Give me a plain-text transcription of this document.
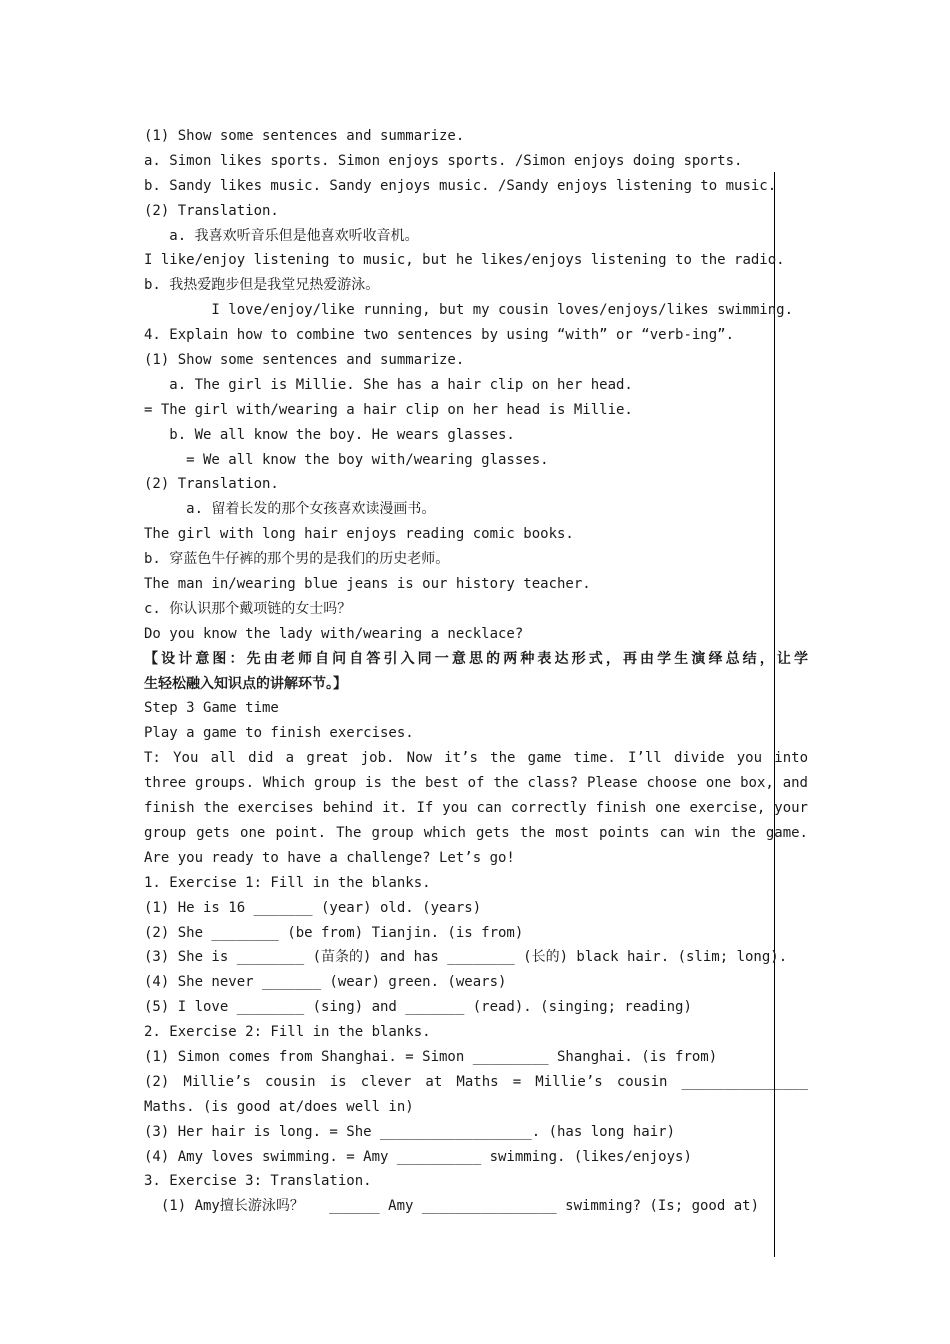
(1) Show some sentences and summarize.
a. Simon likes sports. Simon enjoys sports. /Simon enjoys doing sports.
b. Sandy likes music. Sandy enjoys music. /Sandy enjoys listening to music.
(2) Translation.
a. 我喜欢听音乐但是他喜欢听收音机。
I like/enjoy listening to music, but he likes/enjoys listening to the radio.
b. 我热爱跑步但是我堂兄热爱游泳。
I love/enjoy/like running, but my cousin loves/enjoys/likes swimming.
4. Explain how to combine two sentences by using “with” or “verb-ing”.
(1) Show some sentences and summarize.
a. The girl is Millie. She has a hair clip on her head.
= The girl with/wearing a hair clip on her head is Millie.
b. We all know the boy. He wears glasses.
= We all know the boy with/wearing glasses.
(2) Translation.
a. 留着长发的那个女孩喜欢读漫画书。
The girl with long hair enjoys reading comic books.
b. 穿蓝色牛仔裤的那个男的是我们的历史老师。
The man in/wearing blue jeans is our history teacher.
c. 你认识那个戴项链的女士吗？
Do you know the lady with/wearing a necklace?
【设计意图：先由老师自问自答引入同一意思的两种表达形式，再由学生演绎总结，让学
生轻松融入知识点的讲解环节。】
Step 3 Game time
Play a game to finish exercises.
T: You all did a great job. Now it’s the game time. I’ll divide you into
three groups. Which group is the best of the class? Please choose one box, and
finish the exercises behind it. If you can correctly finish one exercise, your
group gets one point. The group which gets the most points can win the game.
Are you ready to have a challenge? Let’s go!
1. Exercise 1: Fill in the blanks.
(1) He is 16 _______ (year) old. (years)
(2) She ________ (be from) Tianjin. (is from)
(3) She is ________ (苗条的) and has ________ (长的) black hair. (slim; long).
(4) She never _______ (wear) green. (wears)
(5) I love ________ (sing) and _______ (read). (singing; reading)
2. Exercise 2: Fill in the blanks.
(1) Simon comes from Shanghai. = Simon _________ Shanghai. (is from)
(2) Millie’s cousin is clever at Maths = Millie’s cousin _______________
Maths. (is good at/does well in)
(3) Her hair is long. = She __________________. (has long hair)
(4) Amy loves swimming. = Amy __________ swimming. (likes/enjoys)
3. Exercise 3: Translation.
(1) Amy擅长游泳吗？   ______ Amy ________________ swimming? (Is; good at)
